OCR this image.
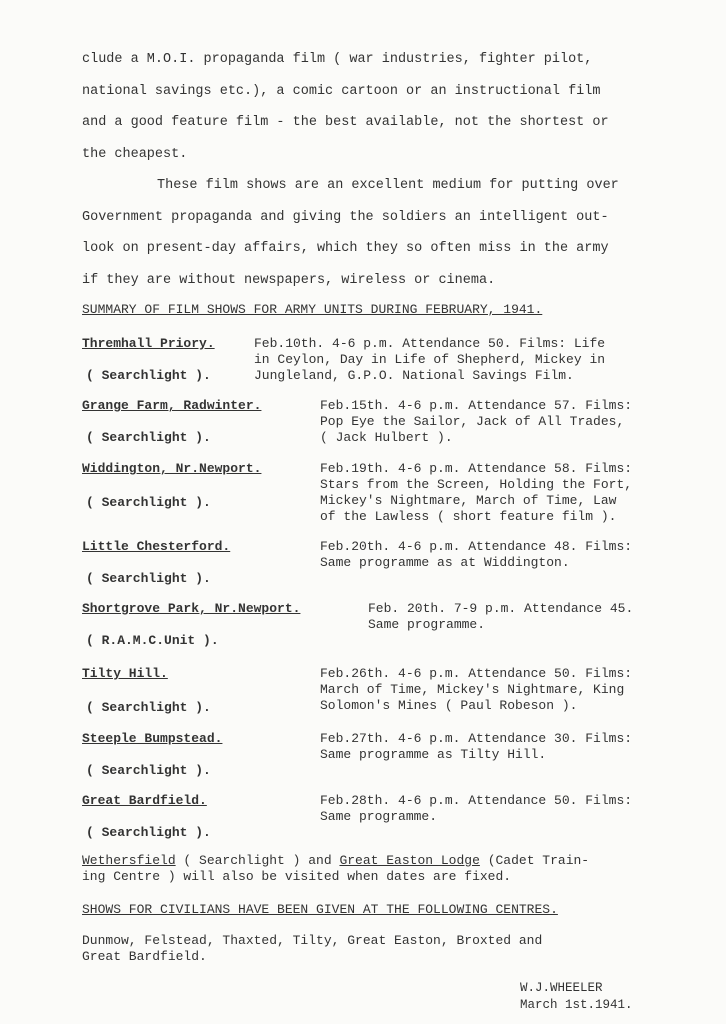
clude a M.O.I. propaganda film ( war industries, fighter pilot,
national savings etc.), a comic cartoon or an instructional film
and a good feature film - the best available, not the shortest or
the cheapest.
These film shows are an excellent medium for putting over
Government propaganda and giving the soldiers an intelligent out-
look on present-day affairs, which they so often miss in the army
if they are without newspapers, wireless or cinema.
SUMMARY OF FILM SHOWS FOR ARMY UNITS DURING FEBRUARY, 1941.
Thremhall Priory.
( Searchlight ).
Feb.10th. 4-6 p.m. Attendance 50. Films: Life
in Ceylon, Day in Life of Shepherd, Mickey in
Jungleland, G.P.O. National Savings Film.
Grange Farm, Radwinter.
( Searchlight ).
Feb.15th. 4-6 p.m. Attendance 57. Films:
Pop Eye the Sailor, Jack of All Trades,
( Jack Hulbert ).
Widdington, Nr.Newport.
( Searchlight ).
Feb.19th. 4-6 p.m. Attendance 58. Films:
Stars from the Screen, Holding the Fort,
Mickey's Nightmare, March of Time, Law
of the Lawless ( short feature film ).
Little Chesterford.
( Searchlight ).
Feb.20th. 4-6 p.m. Attendance 48. Films:
Same programme as at Widdington.
Shortgrove Park, Nr.Newport.
( R.A.M.C.Unit ).
Feb. 20th. 7-9 p.m. Attendance 45.
Same programme.
Tilty Hill.
( Searchlight ).
Feb.26th. 4-6 p.m. Attendance 50. Films:
March of Time, Mickey's Nightmare, King
Solomon's Mines ( Paul Robeson ).
Steeple Bumpstead.
( Searchlight ).
Feb.27th. 4-6 p.m. Attendance 30. Films:
Same programme as Tilty Hill.
Great Bardfield.
( Searchlight ).
Feb.28th. 4-6 p.m. Attendance 50. Films:
Same programme.
Wethersfield ( Searchlight ) and Great Easton Lodge (Cadet Train-
ing Centre ) will also be visited when dates are fixed.
SHOWS FOR CIVILIANS HAVE BEEN GIVEN AT THE FOLLOWING CENTRES.
Dunmow, Felstead, Thaxted, Tilty, Great Easton, Broxted and
Great Bardfield.
W.J.WHEELER
March 1st.1941.
